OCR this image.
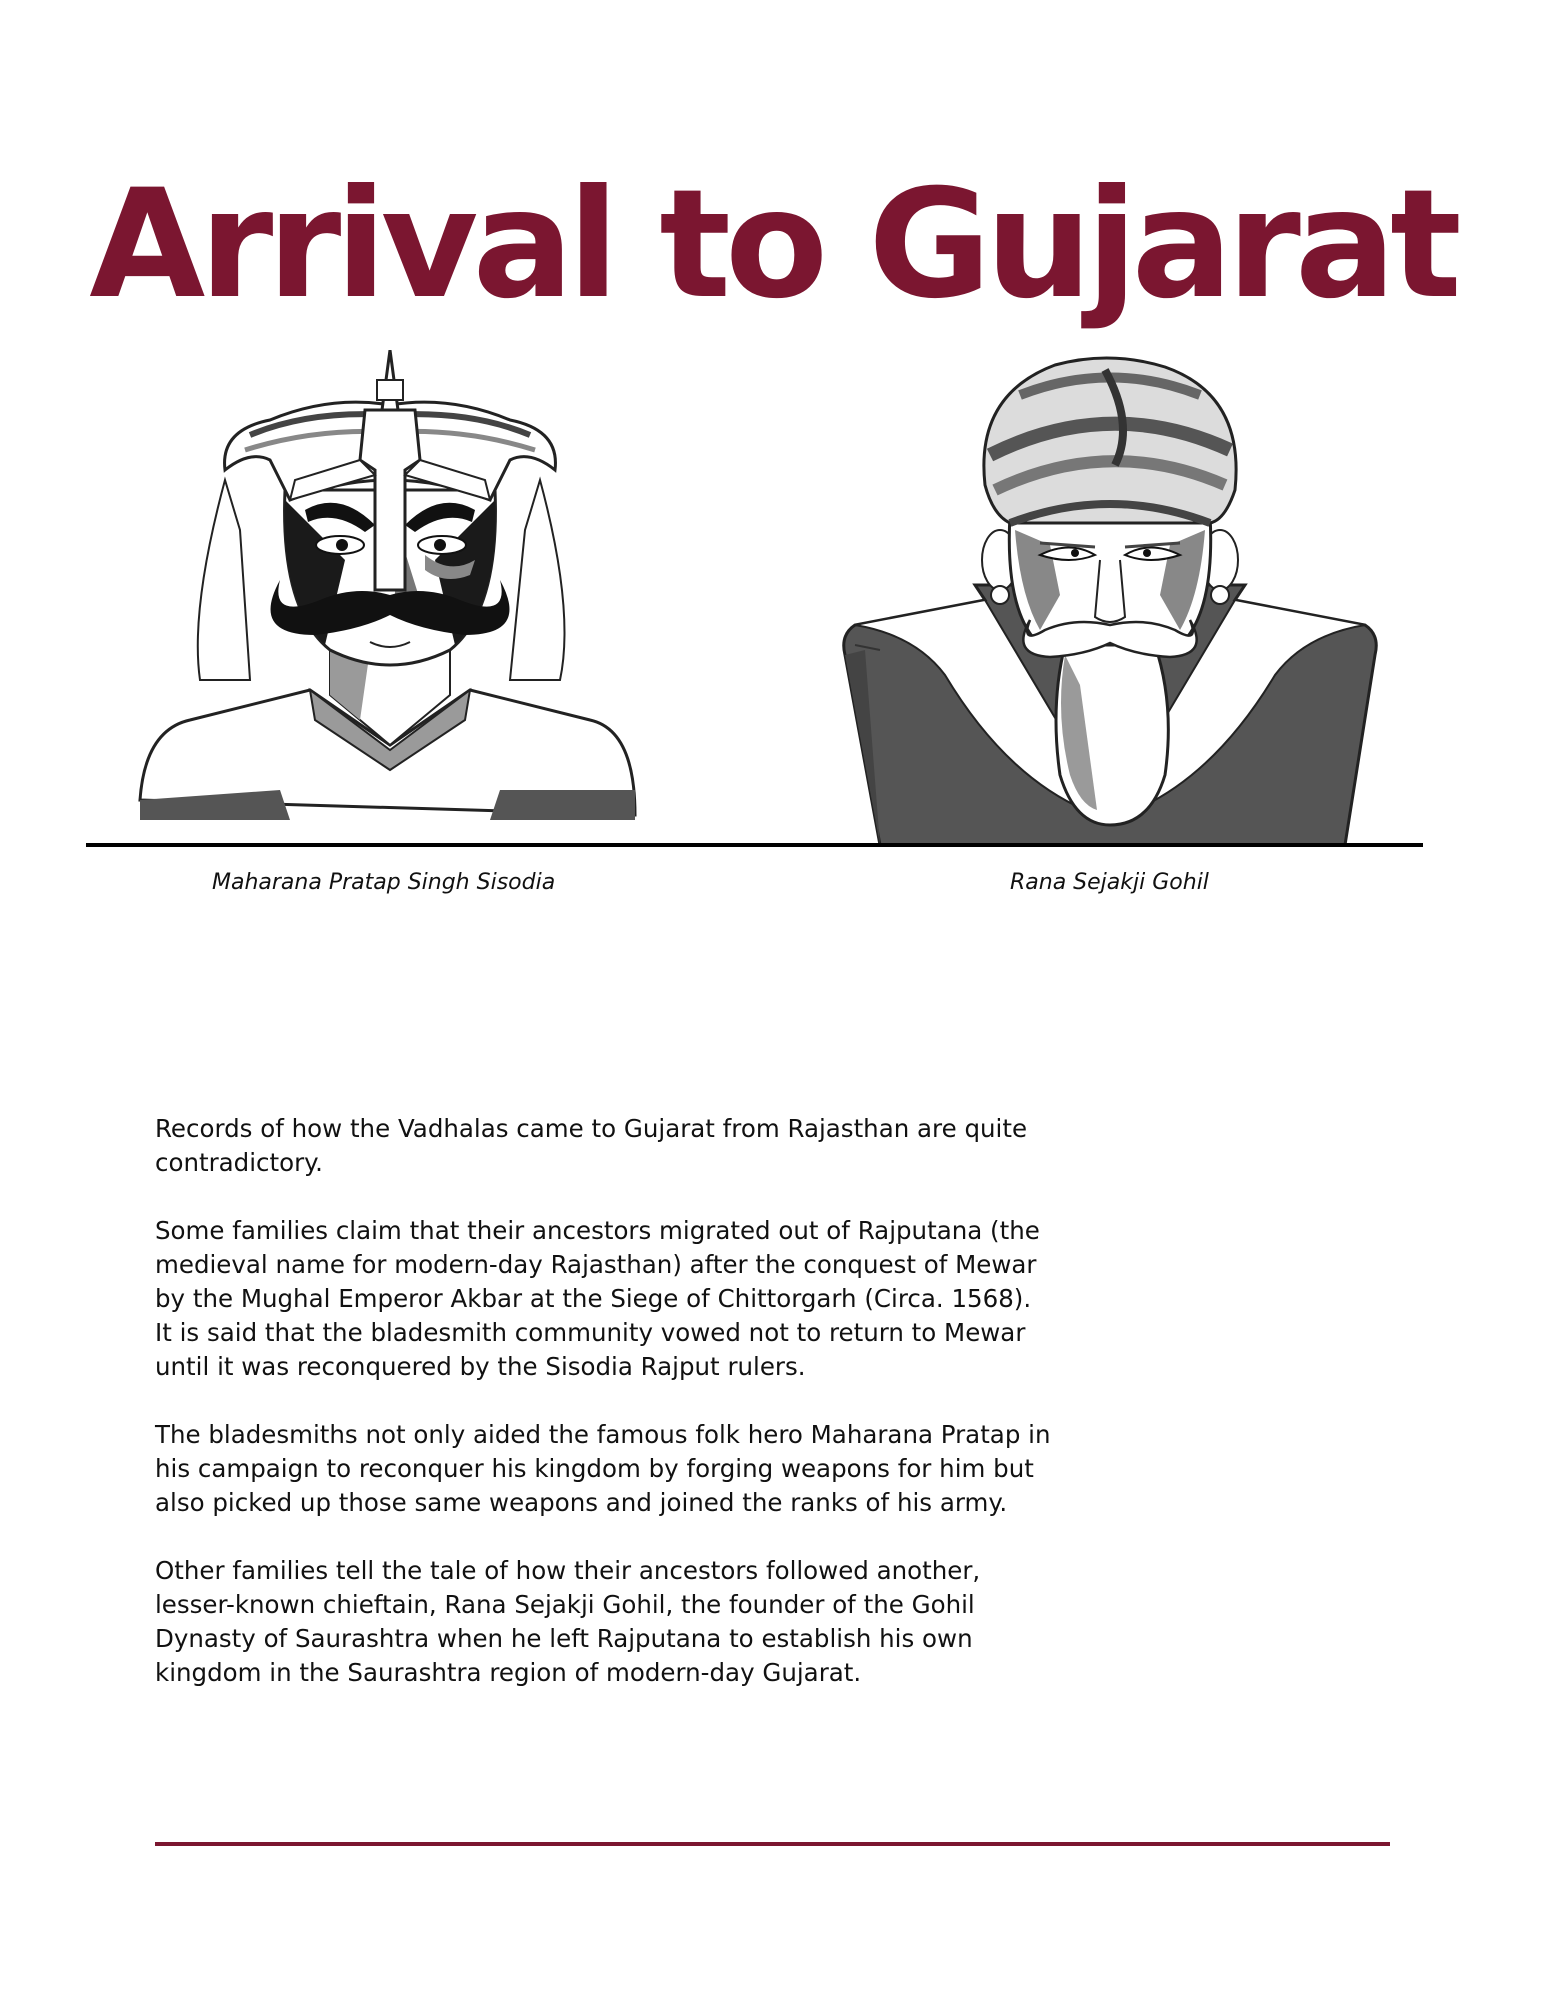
Arrival to Gujarat
Maharana Pratap Singh Sisodia	Rana Sejakji Gohil

Records of how the Vadhalas came to Gujarat from Rajasthan are quite contradictory.

Some families claim that their ancestors migrated out of Rajputana (the medieval name for modern-day Rajasthan) after the conquest of Mewar by the Mughal Emperor Akbar at the Siege of Chittorgarh (Circa. 1568). It is said that the bladesmith community vowed not to return to Mewar until it was reconquered by the Sisodia Rajput rulers.

The bladesmiths not only aided the famous folk hero Maharana Pratap in his campaign to reconquer his kingdom by forging weapons for him but also picked up those same weapons and joined the ranks of his army.

Other families tell the tale of how their ancestors followed another, lesser-known chieftain, Rana Sejakji Gohil, the founder of the Gohil Dynasty of Saurashtra when he left Rajputana to establish his own kingdom in the Saurashtra region of modern-day Gujarat.
